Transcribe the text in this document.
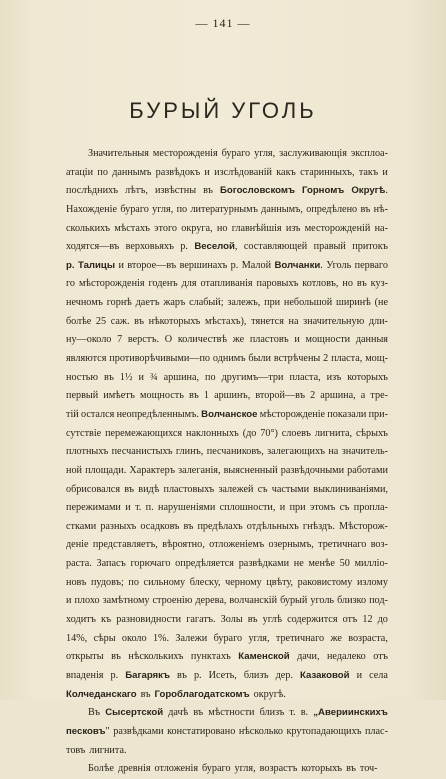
— 141 —
БУРЫЙ УГОЛЬ
Значительныя месторожденія бураго угля, заслуживающія эксплоа-
атаціи по даннымъ развѣдокъ и изслѣдованій какъ старинныхъ, такъ и
послѣднихъ лѣтъ, извѣстны въ Богословскомъ Горномъ Округѣ.
Нахожденіе бураго угля, по литературнымъ даннымъ, опредѣлено въ нѣ-
сколькихъ мѣстахъ этого округа, но главнѣйшія изъ месторожденій на-
ходятся—въ верховьяхъ р. Веселой, составляющей правый притокъ
р. Талицы и второе—въ вершинахъ р. Малой Волчанки. Уголь перваго
го мѣсторожденія годенъ для отапливанія паровыхъ котловъ, но въ куз-
нечномъ горнѣ даетъ жаръ слабый; залежъ, при небольшой ширинѣ (не
болѣе 25 саж. въ нѣкоторыхъ мѣстахъ), тянется на значительную дли-
ну—около 7 верстъ. О количествѣ же пластовъ и мощности данныя
являются противорѣчивыми—по однимъ были встрѣчены 2 пласта, мощ-
ностью въ 1½ и ¾ аршина, по другимъ—три пласта, изъ которыхъ
первый имѣетъ мощность въ 1 аршинъ, второй—въ 2 аршина, а тре-
тій остался неопредѣленнымъ. Волчанское мѣсторожденіе показали при-
сутствіе перемежающихся наклонныхъ (до 70°) слоевъ лигнита, сѣрыхъ
плотныхъ песчанистыхъ глинъ, песчаниковъ, залегающихъ на значитель-
ной площади. Характеръ залеганія, выясненный развѣдочными работами
обрисовался въ видѣ пластовыхъ залежей съ частыми выклиниваніями,
пережимами и т. п. нарушеніями сплошности, и при этомъ съ пропла-
стками разныхъ осадковъ въ предѣлахъ отдѣльныхъ гнѣздъ. Мѣсторож-
деніе представляетъ, вѣроятно, отложеніемъ озернымъ, третичнаго воз-
раста. Запасъ горючаго опредѣляется развѣдками не менѣе 50 милліо-
новъ пудовъ; по сильному блеску, черному цвѣту, раковистому излому
и плохо замѣтному строенію дерева, волчанскій бурый уголь близко под-
ходитъ къ разновидности гагатъ. Золы въ углѣ содержится отъ 12 до
14%, сѣры около 1%. Залежи бураго угля, третичнаго же возраста,
открыты въ нѣсколькихъ пунктахъ Каменской дачи, недалеко отъ
впаденія р. Багарякъ въ р. Исеть, близъ дер. Казаковой и села
Колчеданскаго въ Гороблагодатскомъ округѣ.
Въ Сысертской дачѣ въ мѣстности близъ т. в. „Авериинскихъ
песковъ" развѣдками констатировано нѣсколько крутопадающихъ плас-
товъ лигнита.
Болѣе древнія отложенія бураго угля, возрастъ которыхъ въ точ-
